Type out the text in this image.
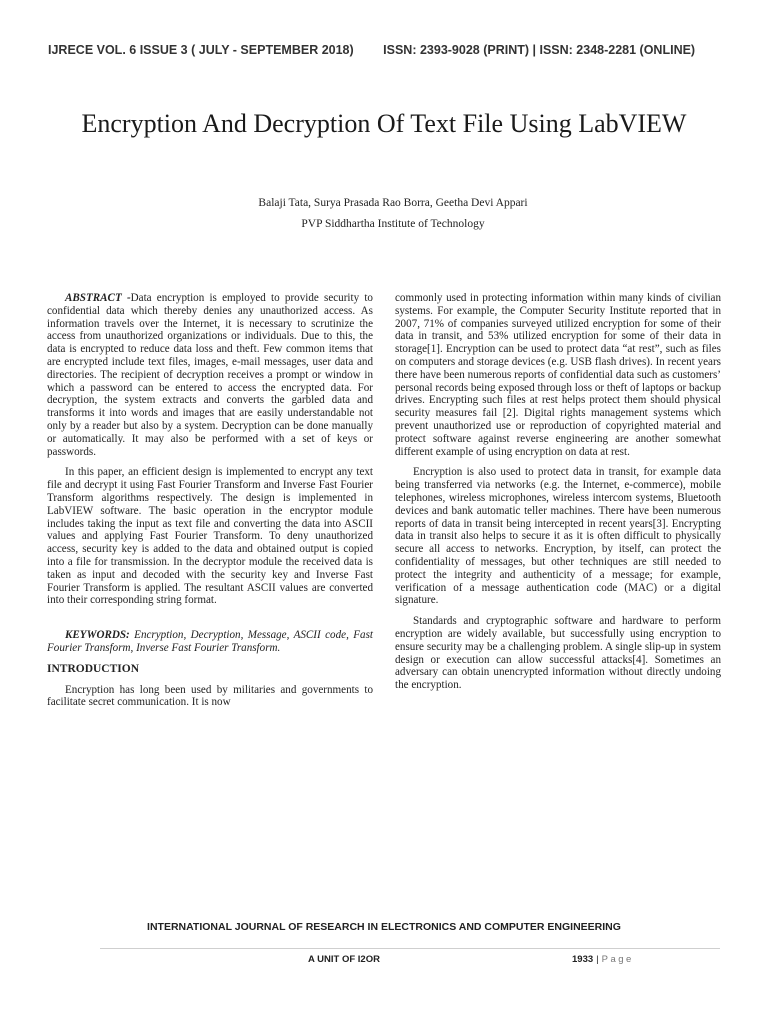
IJRECE VOL. 6 ISSUE 3 ( JULY - SEPTEMBER 2018) ISSN: 2393-9028 (PRINT) | ISSN: 2348-2281 (ONLINE)
Encryption And Decryption Of Text File Using LabVIEW
Balaji Tata, Surya Prasada Rao Borra, Geetha Devi Appari
PVP Siddhartha Institute of Technology

ABSTRACT -Data encryption is employed to provide security to confidential data which thereby denies any unauthorized access. As information travels over the Internet, it is necessary to scrutinize the access from unauthorized organizations or individuals. Due to this, the data is encrypted to reduce data loss and theft. Few common items that are encrypted include text files, images, e-mail messages, user data and directories. The recipient of decryption receives a prompt or window in which a password can be entered to access the encrypted data. For decryption, the system extracts and converts the garbled data and transforms it into words and images that are easily understandable not only by a reader but also by a system. Decryption can be done manually or automatically. It may also be performed with a set of keys or passwords.

In this paper, an efficient design is implemented to encrypt any text file and decrypt it using Fast Fourier Transform and Inverse Fast Fourier Transform algorithms respectively. The design is implemented in LabVIEW software. The basic operation in the encryptor module includes taking the input as text file and converting the data into ASCII values and applying Fast Fourier Transform. To deny unauthorized access, security key is added to the data and obtained output is copied into a file for transmission. In the decryptor module the received data is taken as input and decoded with the security key and Inverse Fast Fourier Transform is applied. The resultant ASCII values are converted into their corresponding string format.

KEYWORDS: Encryption, Decryption, Message, ASCII code, Fast Fourier Transform, Inverse Fast Fourier Transform.

INTRODUCTION

Encryption has long been used by militaries and governments to facilitate secret communication. It is now

commonly used in protecting information within many kinds of civilian systems. For example, the Computer Security Institute reported that in 2007, 71% of companies surveyed utilized encryption for some of their data in transit, and 53% utilized encryption for some of their data in storage[1]. Encryption can be used to protect data “at rest”, such as files on computers and storage devices (e.g. USB flash drives). In recent years there have been numerous reports of confidential data such as customers’ personal records being exposed through loss or theft of laptops or backup drives. Encrypting such files at rest helps protect them should physical security measures fail [2]. Digital rights management systems which prevent unauthorized use or reproduction of copyrighted material and protect software against reverse engineering are another somewhat different example of using encryption on data at rest.

Encryption is also used to protect data in transit, for example data being transferred via networks (e.g. the Internet, e-commerce), mobile telephones, wireless microphones, wireless intercom systems, Bluetooth devices and bank automatic teller machines. There have been numerous reports of data in transit being intercepted in recent years[3]. Encrypting data in transit also helps to secure it as it is often difficult to physically secure all access to networks. Encryption, by itself, can protect the confidentiality of messages, but other techniques are still needed to protect the integrity and authenticity of a message; for example, verification of a message authentication code (MAC) or a digital signature.

Standards and cryptographic software and hardware to perform encryption are widely available, but successfully using encryption to ensure security may be a challenging problem. A single slip-up in system design or execution can allow successful attacks[4]. Sometimes an adversary can obtain unencrypted information without directly undoing the encryption.

INTERNATIONAL JOURNAL OF RESEARCH IN ELECTRONICS AND COMPUTER ENGINEERING
A UNIT OF I2OR	1933 | Page
